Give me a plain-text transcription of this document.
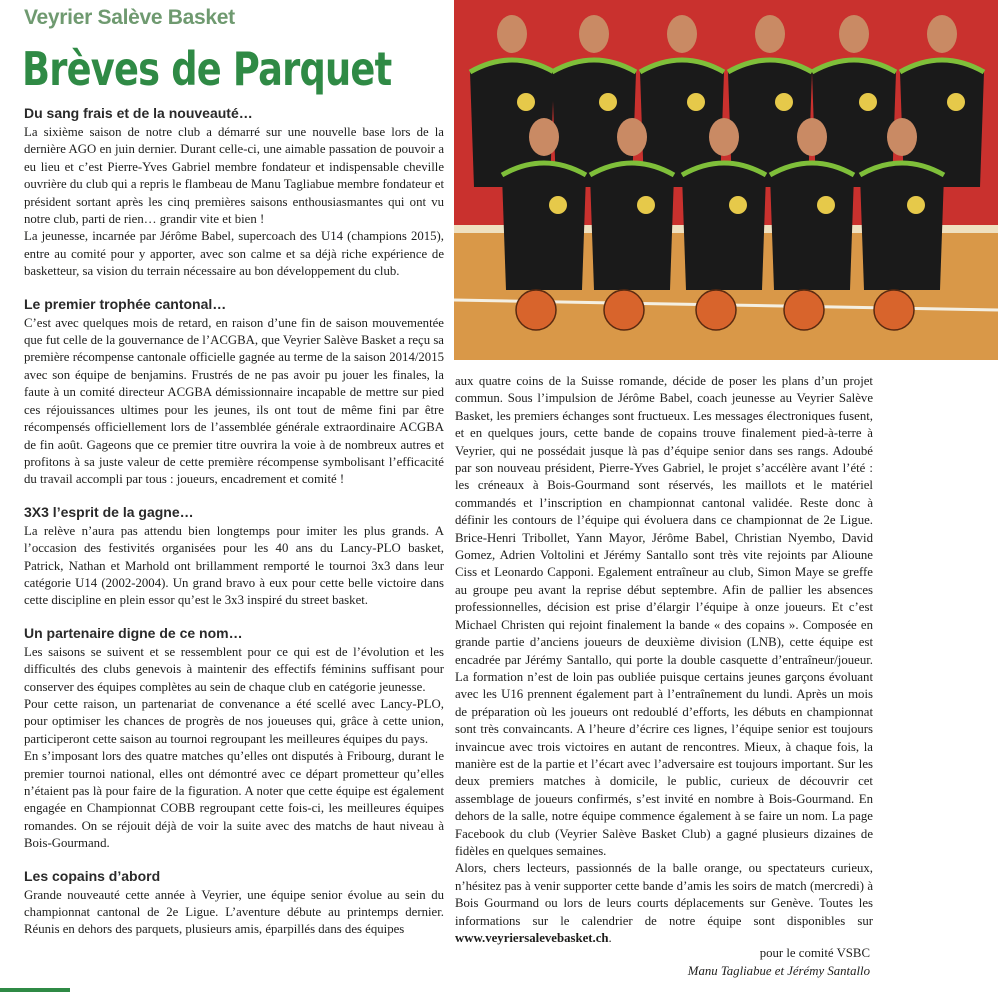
Veyrier Salève Basket
Brèves de Parquet
Du sang frais et de la nouveauté…

La sixième saison de notre club a démarré sur une nouvelle base lors de la dernière AGO en juin dernier. Durant celle-ci, une aimable passation de pouvoir a eu lieu et c’est Pierre-Yves Gabriel membre fondateur et indispensable cheville ouvrière du club qui a repris le flambeau de Manu Tagliabue membre fondateur et président sortant après les cinq premières saisons enthousiasmantes qui ont vu notre club, parti de rien… grandir vite et bien !

La jeunesse, incarnée par Jérôme Babel, supercoach des U14 (champions 2015), entre au comité pour y apporter, avec son calme et sa déjà riche expérience de basketteur, sa vision du terrain nécessaire au bon développement du club.

Le premier trophée cantonal…

C’est avec quelques mois de retard, en raison d’une fin de saison mouvementée que fut celle de la gouvernance de l’ACGBA, que Veyrier Salève Basket a reçu sa première récompense cantonale officielle gagnée au terme de la saison 2014/2015 avec son équipe de benjamins. Frustrés de ne pas avoir pu jouer les finales, la faute à un comité directeur ACGBA démissionnaire incapable de mettre sur pied ces réjouissances ultimes pour les jeunes, ils ont tout de même fini par être récompensés officiellement lors de l’assemblée générale extraordinaire ACGBA de fin août. Gageons que ce premier titre ouvrira la voie à de nombreux autres et profitons à sa juste valeur de cette première récompense symbolisant l’efficacité du travail accompli par tous : joueurs, encadrement et comité !

3X3 l’esprit de la gagne…

La relève n’aura pas attendu bien longtemps pour imiter les plus grands. A l’occasion des festivités organisées pour les 40 ans du Lancy-PLO basket, Patrick, Nathan et Marhold ont brillamment remporté le tournoi 3x3 dans leur catégorie U14 (2002-2004). Un grand bravo à eux pour cette belle victoire dans cette discipline en plein essor qu’est le 3x3 inspiré du street basket.

Un partenaire digne de ce nom…

Les saisons se suivent et se ressemblent pour ce qui est de l’évolution et les difficultés des clubs genevois à maintenir des effectifs féminins suffisant pour conserver des équipes complètes au sein de chaque club en catégorie jeunesse.

Pour cette raison, un partenariat de convenance a été scellé avec Lancy-PLO, pour optimiser les chances de progrès de nos joueuses qui, grâce à cette union, participeront cette saison au tournoi regroupant les meilleures équipes du pays.

En s’imposant lors des quatre matches qu’elles ont disputés à Fribourg, durant le premier tournoi national, elles ont démontré avec ce départ prometteur qu’elles n’étaient pas là pour faire de la figuration. A noter que cette équipe est également engagée en Championnat COBB regroupant cette fois-ci, les meilleures équipes romandes. On se réjouit déjà de voir la suite avec des matchs de haut niveau à Bois-Gourmand.

Les copains d’abord

Grande nouveauté cette année à Veyrier, une équipe senior évolue au sein du championnat cantonal de 2e Ligue. L’aventure débute au printemps dernier. Réunis en dehors des parquets, plusieurs amis, éparpillés dans des équipes

aux quatre coins de la Suisse romande, décide de poser les plans d’un projet commun. Sous l’impulsion de Jérôme Babel, coach jeunesse au Veyrier Salève Basket, les premiers échanges sont fructueux. Les messages électroniques fusent, et en quelques jours, cette bande de copains trouve finalement pied-à-terre à Veyrier, qui ne possédait jusque là pas d’équipe senior dans ses rangs. Adoubé par son nouveau président, Pierre-Yves Gabriel, le projet s’accélère avant l’été : les créneaux à Bois-Gourmand sont réservés, les maillots et le matériel commandés et l’inscription en championnat cantonal validée. Reste donc à définir les contours de l’équipe qui évoluera dans ce championnat de 2e Ligue. Brice-Henri Tribollet, Yann Mayor, Jérôme Babel, Christian Nyembo, David Gomez, Adrien Voltolini et Jérémy Santallo sont très vite rejoints par Alioune Ciss et Leonardo Capponi. Egalement entraîneur au club, Simon Maye se greffe au groupe peu avant la reprise début septembre. Afin de pallier les absences professionnelles, décision est prise d’élargir l’équipe à onze joueurs. Et c’est Michael Christen qui rejoint finalement la bande « des copains ». Composée en grande partie d’anciens joueurs de deuxième division (LNB), cette équipe est encadrée par Jérémy Santallo, qui porte la double casquette d’entraîneur/joueur. La formation n’est de loin pas oubliée puisque certains jeunes garçons évoluant avec les U16 prennent également part à l’entraînement du lundi. Après un mois de préparation où les joueurs ont redoublé d’efforts, les débuts en championnat sont très convaincants. A l’heure d’écrire ces lignes, l’équipe senior est toujours invaincue avec trois victoires en autant de rencontres. Mieux, à chaque fois, la manière est de la partie et l’écart avec l’adversaire est toujours important. Sur les deux premiers matches à domicile, le public, curieux de découvrir cet assemblage de joueurs confirmés, s’est invité en nombre à Bois-Gourmand. En dehors de la salle, notre équipe commence également à se faire un nom. La page Facebook du club (Veyrier Salève Basket Club) a gagné plusieurs dizaines de fidèles en quelques semaines.

Alors, chers lecteurs, passionnés de la balle orange, ou spectateurs curieux, n’hésitez pas à venir supporter cette bande d’amis les soirs de match (mercredi) à Bois Gourmand ou lors de leurs courts déplacements sur Genève. Toutes les informations sur le calendrier de notre équipe sont disponibles sur www.veyriersalevebasket.ch.

pour le comité VSBC
Manu Tagliabue et Jérémy Santallo
